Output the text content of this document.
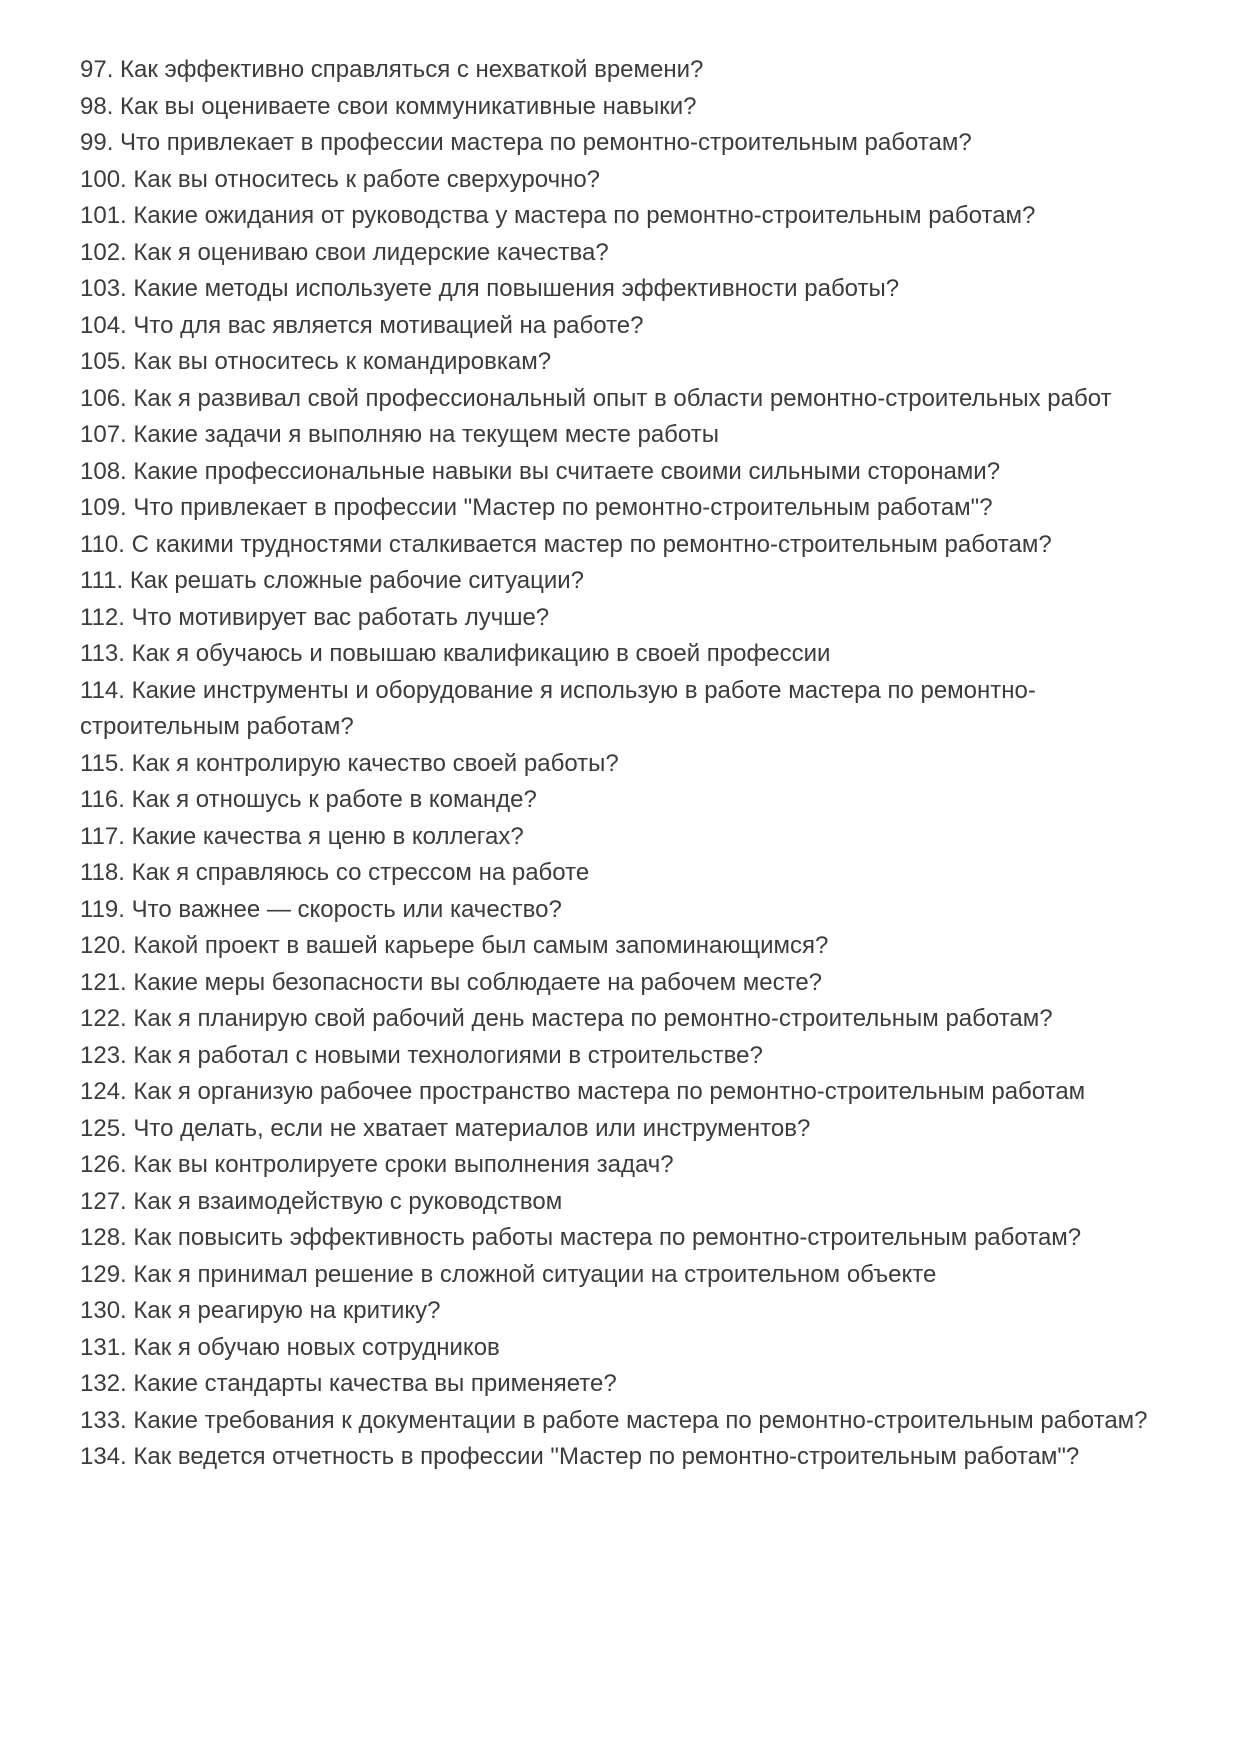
97. Как эффективно справляться с нехваткой времени?

98. Как вы оцениваете свои коммуникативные навыки?

99. Что привлекает в профессии мастера по ремонтно-строительным работам?

100. Как вы относитесь к работе сверхурочно?

101. Какие ожидания от руководства у мастера по ремонтно-строительным работам?

102. Как я оцениваю свои лидерские качества?

103. Какие методы используете для повышения эффективности работы?

104. Что для вас является мотивацией на работе?

105. Как вы относитесь к командировкам?

106. Как я развивал свой профессиональный опыт в области ремонтно-строительных работ

107. Какие задачи я выполняю на текущем месте работы

108. Какие профессиональные навыки вы считаете своими сильными сторонами?

109. Что привлекает в профессии "Мастер по ремонтно-строительным работам"?

110. С какими трудностями сталкивается мастер по ремонтно-строительным работам?

111. Как решать сложные рабочие ситуации?

112. Что мотивирует вас работать лучше?

113. Как я обучаюсь и повышаю квалификацию в своей профессии

114. Какие инструменты и оборудование я использую в работе мастера по ремонтно-строительным работам?

115. Как я контролирую качество своей работы?

116. Как я отношусь к работе в команде?

117. Какие качества я ценю в коллегах?

118. Как я справляюсь со стрессом на работе

119. Что важнее — скорость или качество?

120. Какой проект в вашей карьере был самым запоминающимся?

121. Какие меры безопасности вы соблюдаете на рабочем месте?

122. Как я планирую свой рабочий день мастера по ремонтно-строительным работам?

123. Как я работал с новыми технологиями в строительстве?

124. Как я организую рабочее пространство мастера по ремонтно-строительным работам

125. Что делать, если не хватает материалов или инструментов?

126. Как вы контролируете сроки выполнения задач?

127. Как я взаимодействую с руководством

128. Как повысить эффективность работы мастера по ремонтно-строительным работам?

129. Как я принимал решение в сложной ситуации на строительном объекте

130. Как я реагирую на критику?

131. Как я обучаю новых сотрудников

132. Какие стандарты качества вы применяете?

133. Какие требования к документации в работе мастера по ремонтно-строительным работам?

134. Как ведется отчетность в профессии "Мастер по ремонтно-строительным работам"?
